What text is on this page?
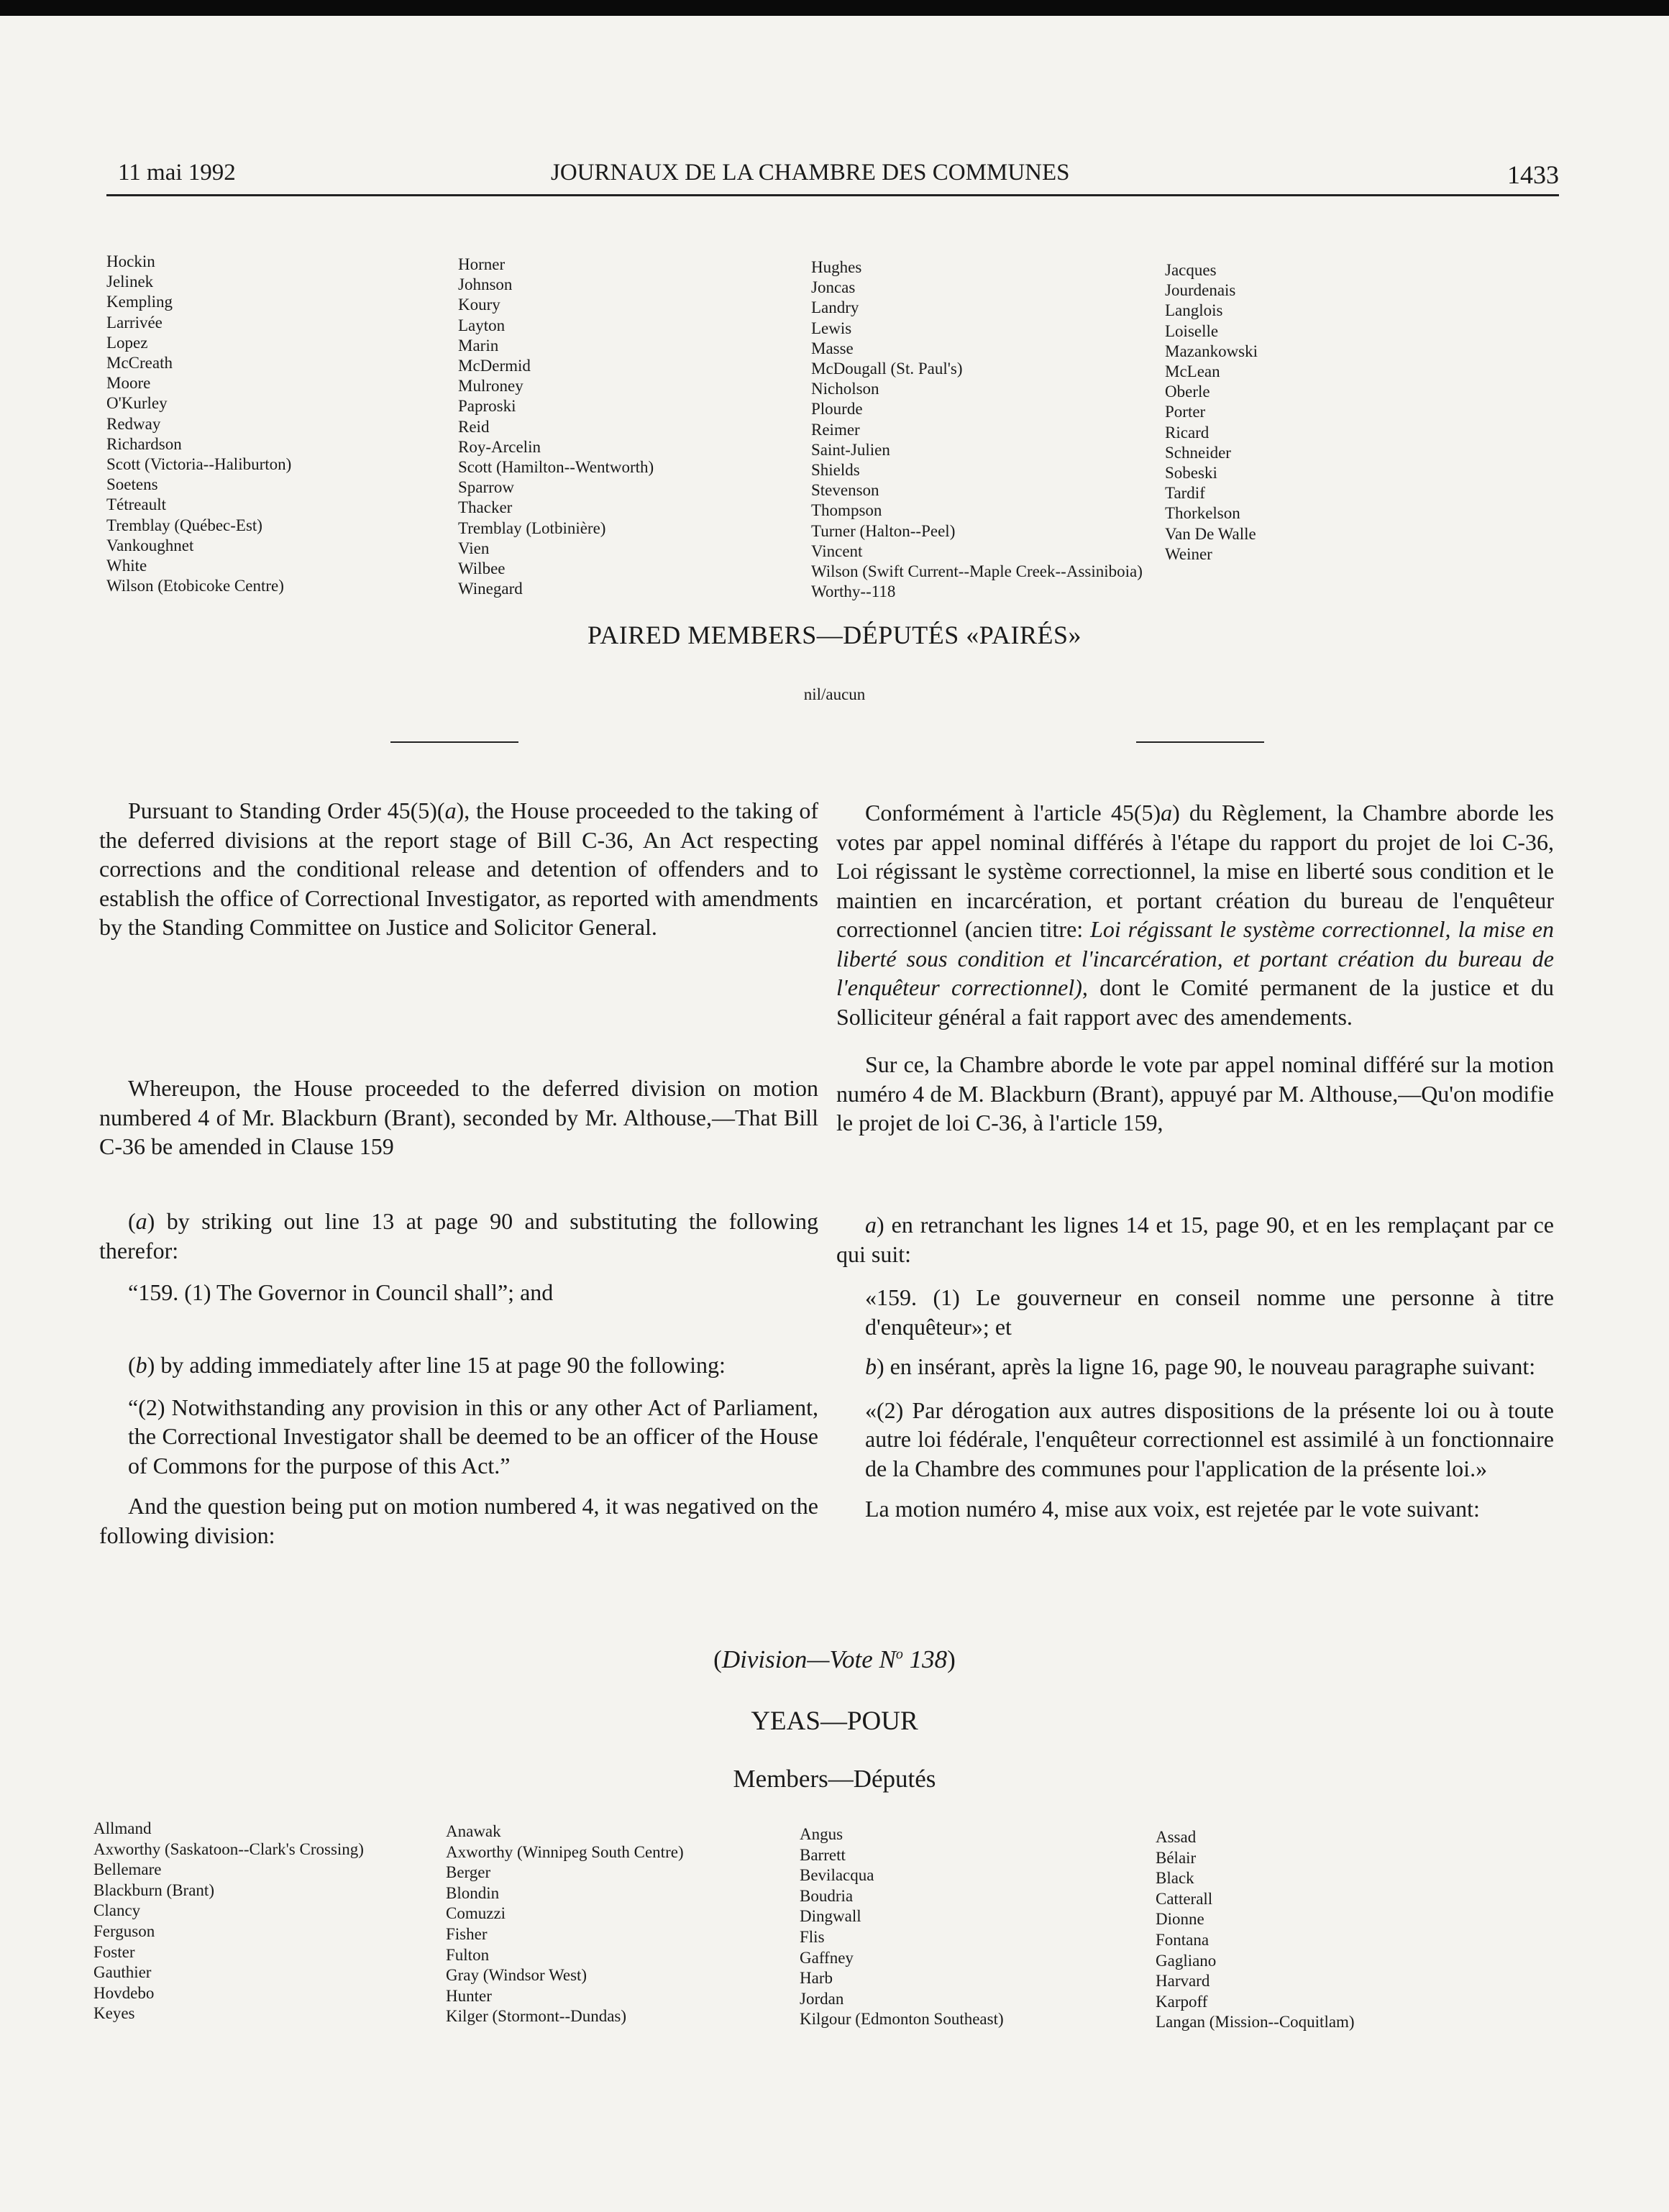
11 mai 1992	JOURNAUX DE LA CHAMBRE DES COMMUNES	1433
Hockin
Jelinek
Kempling
Larrivée
Lopez
McCreath
Moore
O'Kurley
Redway
Richardson
Scott (Victoria--Haliburton)
Soetens
Tétreault
Tremblay (Québec-Est)
Vankoughnet
White
Wilson (Etobicoke Centre)
Horner
Johnson
Koury
Layton
Marin
McDermid
Mulroney
Paproski
Reid
Roy-Arcelin
Scott (Hamilton--Wentworth)
Sparrow
Thacker
Tremblay (Lotbinière)
Vien
Wilbee
Winegard
Hughes
Joncas
Landry
Lewis
Masse
McDougall (St. Paul's)
Nicholson
Plourde
Reimer
Saint-Julien
Shields
Stevenson
Thompson
Turner (Halton--Peel)
Vincent
Wilson (Swift Current--Maple Creek--Assiniboia)
Worthy--118
Jacques
Jourdenais
Langlois
Loiselle
Mazankowski
McLean
Oberle
Porter
Ricard
Schneider
Sobeski
Tardif
Thorkelson
Van De Walle
Weiner
PAIRED MEMBERS—DÉPUTÉS «PAIRÉS»
nil/aucun

Pursuant to Standing Order 45(5)(a), the House proceeded to the taking of the deferred divisions at the report stage of Bill C-36, An Act respecting corrections and the conditional release and detention of offenders and to establish the office of Correctional Investigator, as reported with amendments by the Standing Committee on Justice and Solicitor General.

Whereupon, the House proceeded to the deferred division on motion numbered 4 of Mr. Blackburn (Brant), seconded by Mr. Althouse,—That Bill C-36 be amended in Clause 159

(a) by striking out line 13 at page 90 and substituting the following therefor:

“159. (1) The Governor in Council shall”; and

(b) by adding immediately after line 15 at page 90 the following:

“(2) Notwithstanding any provision in this or any other Act of Parliament, the Correctional Investigator shall be deemed to be an officer of the House of Commons for the purpose of this Act.”

And the question being put on motion numbered 4, it was negatived on the following division:

Conformément à l'article 45(5)a) du Règlement, la Chambre aborde les votes par appel nominal différés à l'étape du rapport du projet de loi C-36, Loi régissant le système correctionnel, la mise en liberté sous condition et le maintien en incarcération, et portant création du bureau de l'enquêteur correctionnel (ancien titre: Loi régissant le système correctionnel, la mise en liberté sous condition et l'incarcération, et portant création du bureau de l'enquêteur correctionnel), dont le Comité permanent de la justice et du Solliciteur général a fait rapport avec des amendements.

Sur ce, la Chambre aborde le vote par appel nominal différé sur la motion numéro 4 de M. Blackburn (Brant), appuyé par M. Althouse,—Qu'on modifie le projet de loi C-36, à l'article 159,

a) en retranchant les lignes 14 et 15, page 90, et en les remplaçant par ce qui suit:

«159. (1) Le gouverneur en conseil nomme une personne à titre d'enquêteur»; et

b) en insérant, après la ligne 16, page 90, le nouveau paragraphe suivant:

«(2) Par dérogation aux autres dispositions de la présente loi ou à toute autre loi fédérale, l'enquêteur correctionnel est assimilé à un fonctionnaire de la Chambre des communes pour l'application de la présente loi.»

La motion numéro 4, mise aux voix, est rejetée par le vote suivant:

(Division—Vote $N^o$ 138)
YEAS—POUR
Members—Députés
Allmand
Axworthy (Saskatoon--Clark's Crossing)
Bellemare
Blackburn (Brant)
Clancy
Ferguson
Foster
Gauthier
Hovdebo
Keyes
Anawak
Axworthy (Winnipeg South Centre)
Berger
Blondin
Comuzzi
Fisher
Fulton
Gray (Windsor West)
Hunter
Kilger (Stormont--Dundas)
Angus
Barrett
Bevilacqua
Boudria
Dingwall
Flis
Gaffney
Harb
Jordan
Kilgour (Edmonton Southeast)
Assad
Bélair
Black
Catterall
Dionne
Fontana
Gagliano
Harvard
Karpoff
Langan (Mission--Coquitlam)
